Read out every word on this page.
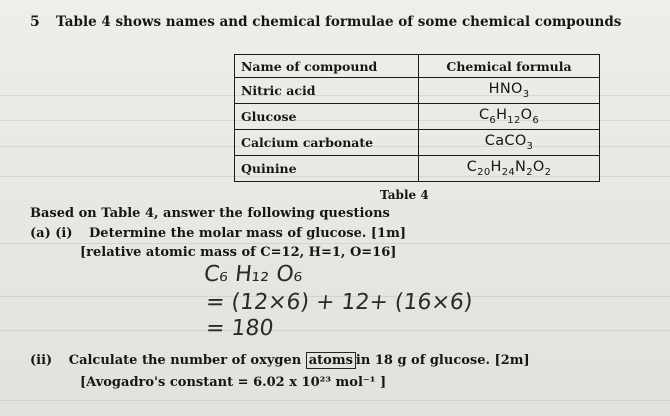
5 Table 4 shows names and chemical formulae of some chemical compounds
Name of compound	Chemical formula
Nitric acid	$HNO_3$
Glucose	$C_6H_{12}O_6$
Calcium carbonate	CaCO$_3$
Quinine	$C_{20}H_{24}N_2O_2$
Table 4
Based on Table 4, answer the following questions
(a) (i) Determine the molar mass of glucose. [1m]
[relative atomic mass of C=12, H=1, O=16]
C₆ H₁₂ O₆
= (12×6) + 12+ (16×6)
= 180
(ii) Calculate the number of oxygen atoms in 18 g of glucose. [2m]
[Avogadro's constant = 6.02 x 10²³ mol⁻¹ ]
